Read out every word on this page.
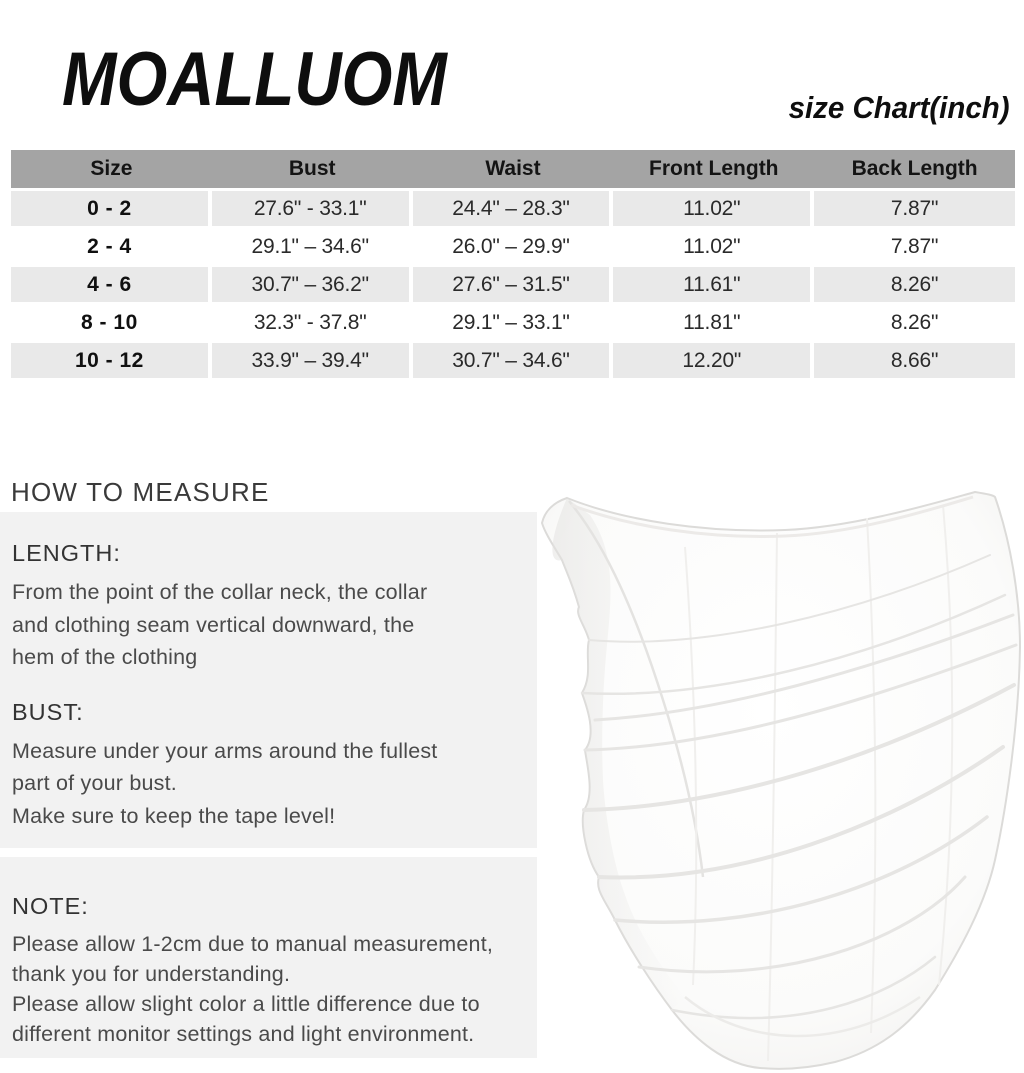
MOALLUOM	size Chart(inch)
Size	Bust	Waist	Front Length	Back Length
0 - 2	27.6" - 33.1"	24.4" – 28.3"	11.02"	7.87"
2 - 4	29.1" – 34.6"	26.0" – 29.9"	11.02"	7.87"
4 - 6	30.7" – 36.2"	27.6" – 31.5"	11.61"	8.26"
8 - 10	32.3" - 37.8"	29.1" – 33.1"	11.81"	8.26"
10 - 12	33.9" – 39.4"	30.7" – 34.6"	12.20"	8.66"
HOW TO MEASURE
LENGTH:
From the point of the collar neck, the collar
and clothing seam vertical downward, the
hem of the clothing
BUST:
Measure under your arms around the fullest
part of your bust.
Make sure to keep the tape level!
NOTE:
Please allow 1-2cm due to manual measurement,
thank you for understanding.
Please allow slight color a little difference due to
different monitor settings and light environment.
